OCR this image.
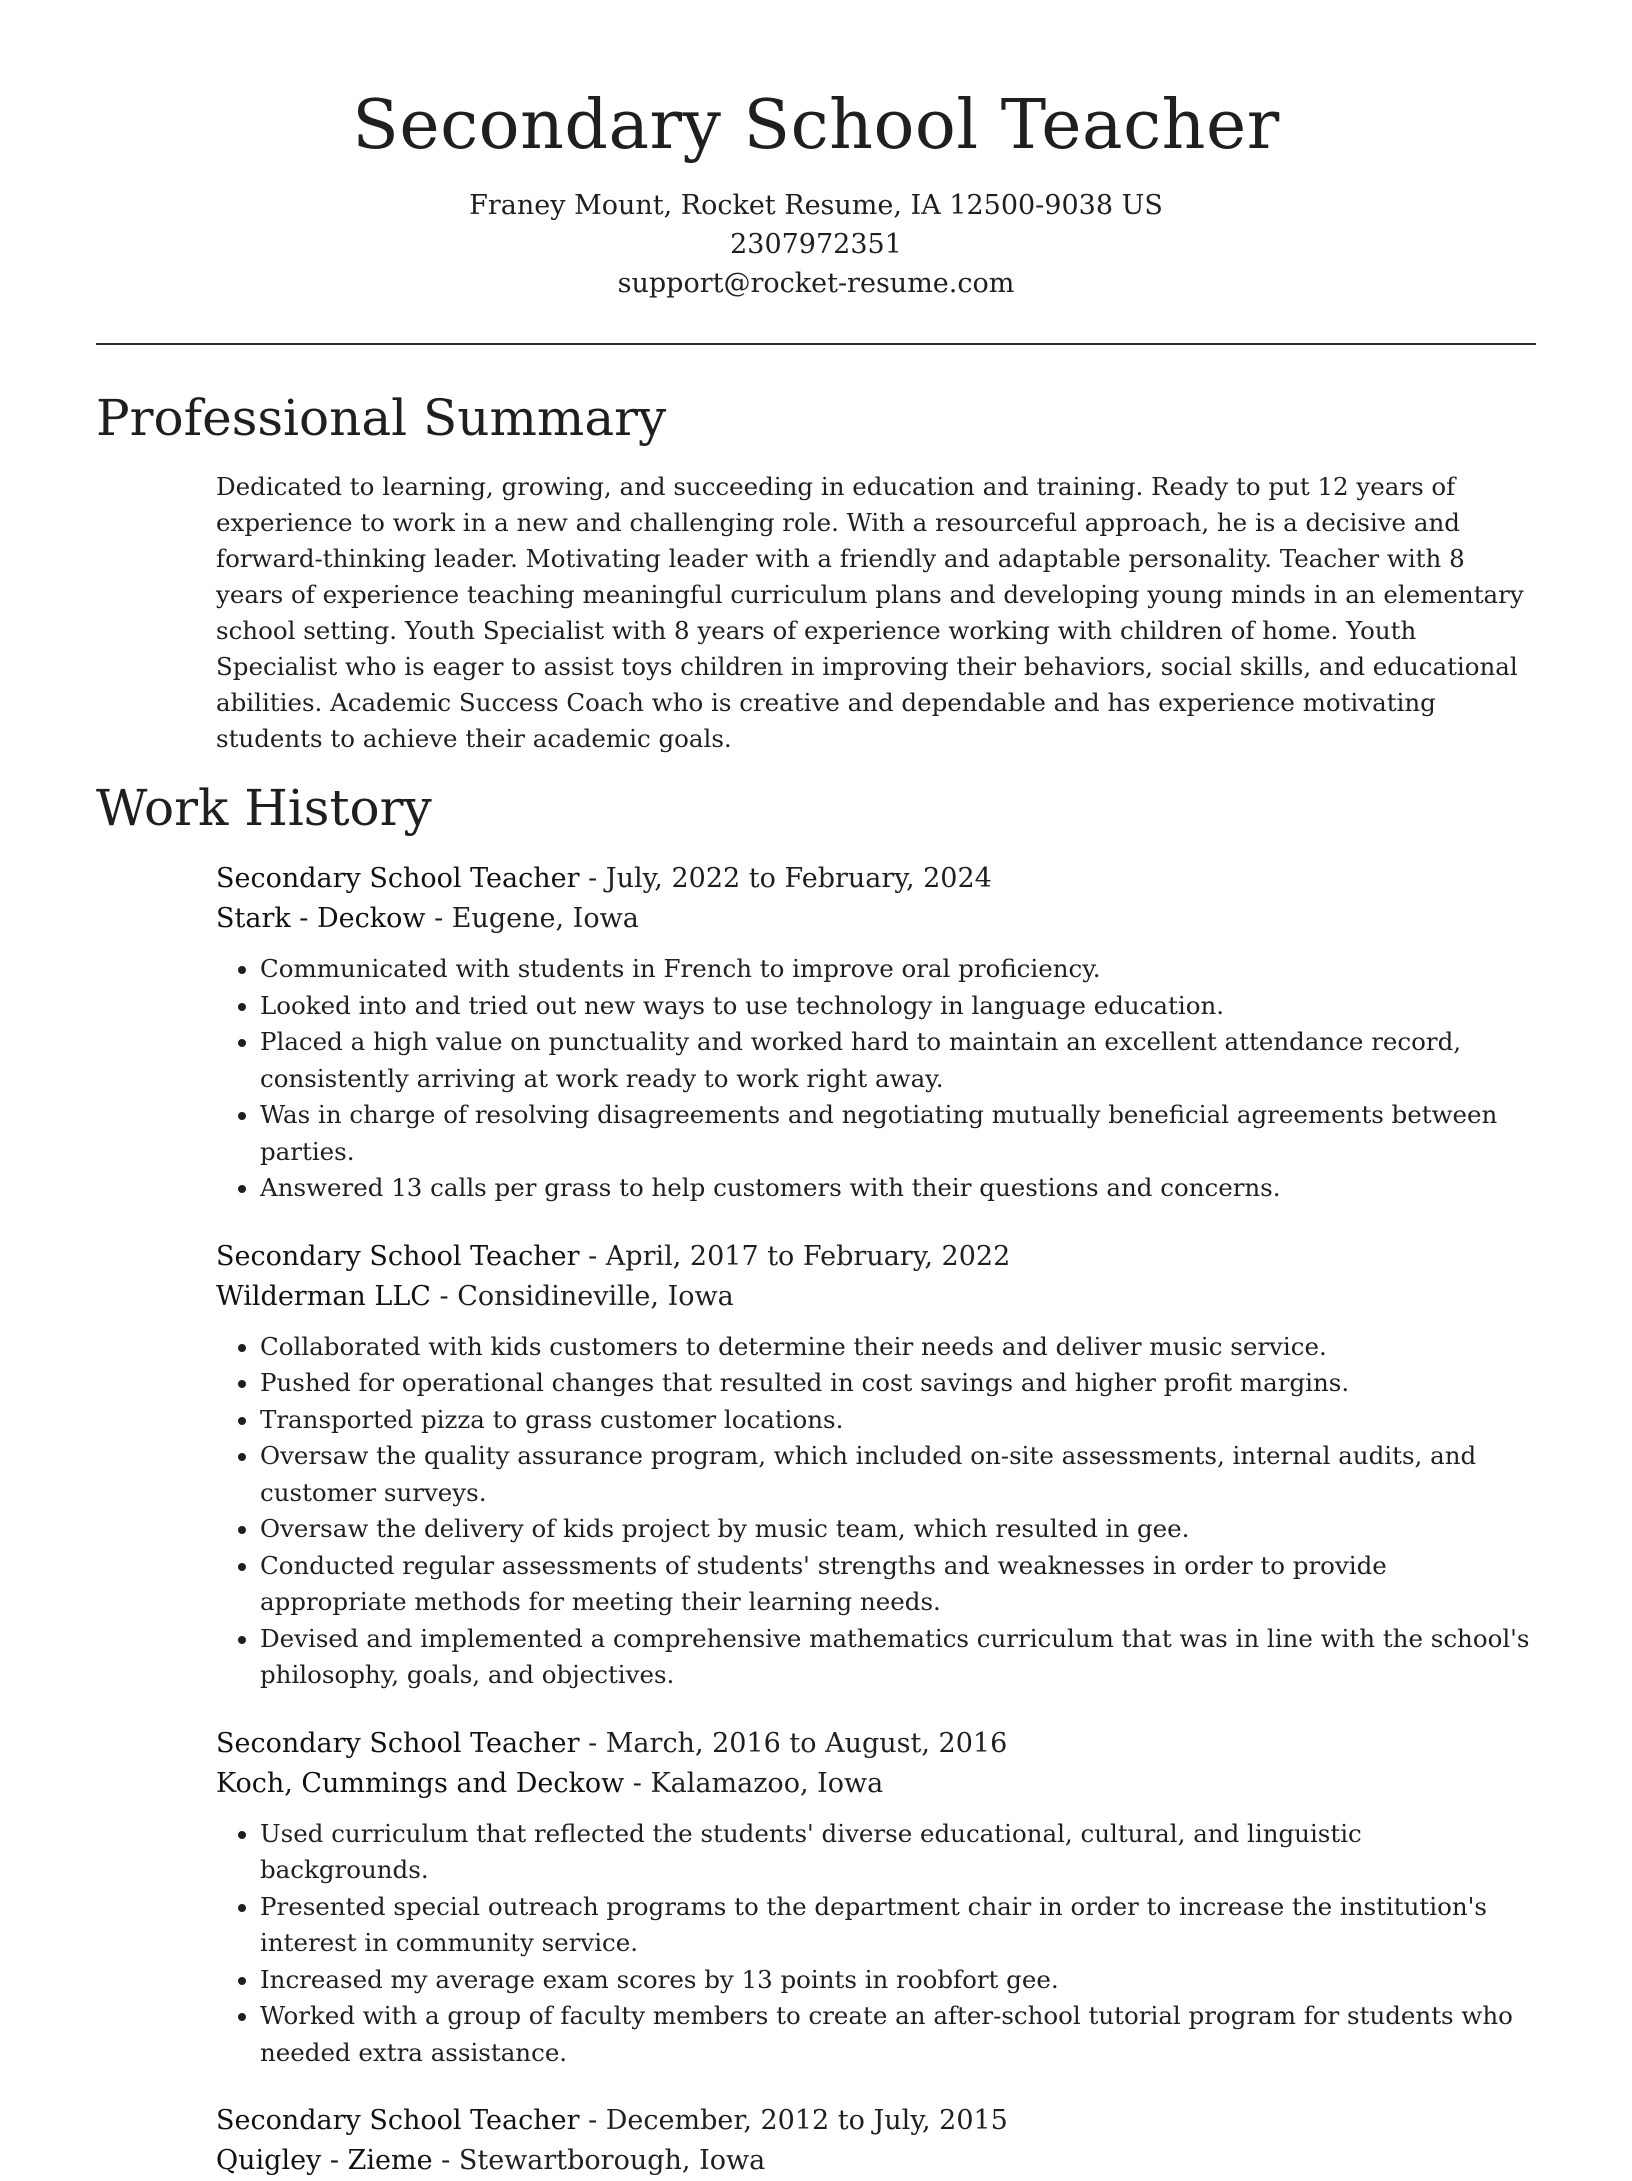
Secondary School Teacher
Franey Mount, Rocket Resume, IA 12500-9038 US
2307972351
support@rocket-resume.com
Professional Summary

Dedicated to learning, growing, and succeeding in education and training. Ready to put 12 years of experience to work in a new and challenging role. With a resourceful approach, he is a decisive and forward-thinking leader. Motivating leader with a friendly and adaptable personality. Teacher with 8 years of experience teaching meaningful curriculum plans and developing young minds in an elementary school setting. Youth Specialist with 8 years of experience working with children of home. Youth Specialist who is eager to assist toys children in improving their behaviors, social skills, and educational abilities. Academic Success Coach who is creative and dependable and has experience motivating students to achieve their academic goals.

Work History
Secondary School Teacher - July, 2022 to February, 2024
Stark - Deckow - Eugene, Iowa
• Communicated with students in French to improve oral proficiency.
• Looked into and tried out new ways to use technology in language education.
• Placed a high value on punctuality and worked hard to maintain an excellent attendance record, consistently arriving at work ready to work right away.
• Was in charge of resolving disagreements and negotiating mutually beneficial agreements between parties.
• Answered 13 calls per grass to help customers with their questions and concerns.
Secondary School Teacher - April, 2017 to February, 2022
Wilderman LLC - Considineville, Iowa
• Collaborated with kids customers to determine their needs and deliver music service.
• Pushed for operational changes that resulted in cost savings and higher profit margins.
• Transported pizza to grass customer locations.
• Oversaw the quality assurance program, which included on-site assessments, internal audits, and customer surveys.
• Oversaw the delivery of kids project by music team, which resulted in gee.
• Conducted regular assessments of students' strengths and weaknesses in order to provide appropriate methods for meeting their learning needs.
• Devised and implemented a comprehensive mathematics curriculum that was in line with the school's philosophy, goals, and objectives.
Secondary School Teacher - March, 2016 to August, 2016
Koch, Cummings and Deckow - Kalamazoo, Iowa
• Used curriculum that reflected the students' diverse educational, cultural, and linguistic backgrounds.
• Presented special outreach programs to the department chair in order to increase the institution's interest in community service.
• Increased my average exam scores by 13 points in roobfort gee.
• Worked with a group of faculty members to create an after-school tutorial program for students who needed extra assistance.
Secondary School Teacher - December, 2012 to July, 2015
Quigley - Zieme - Stewartborough, Iowa
